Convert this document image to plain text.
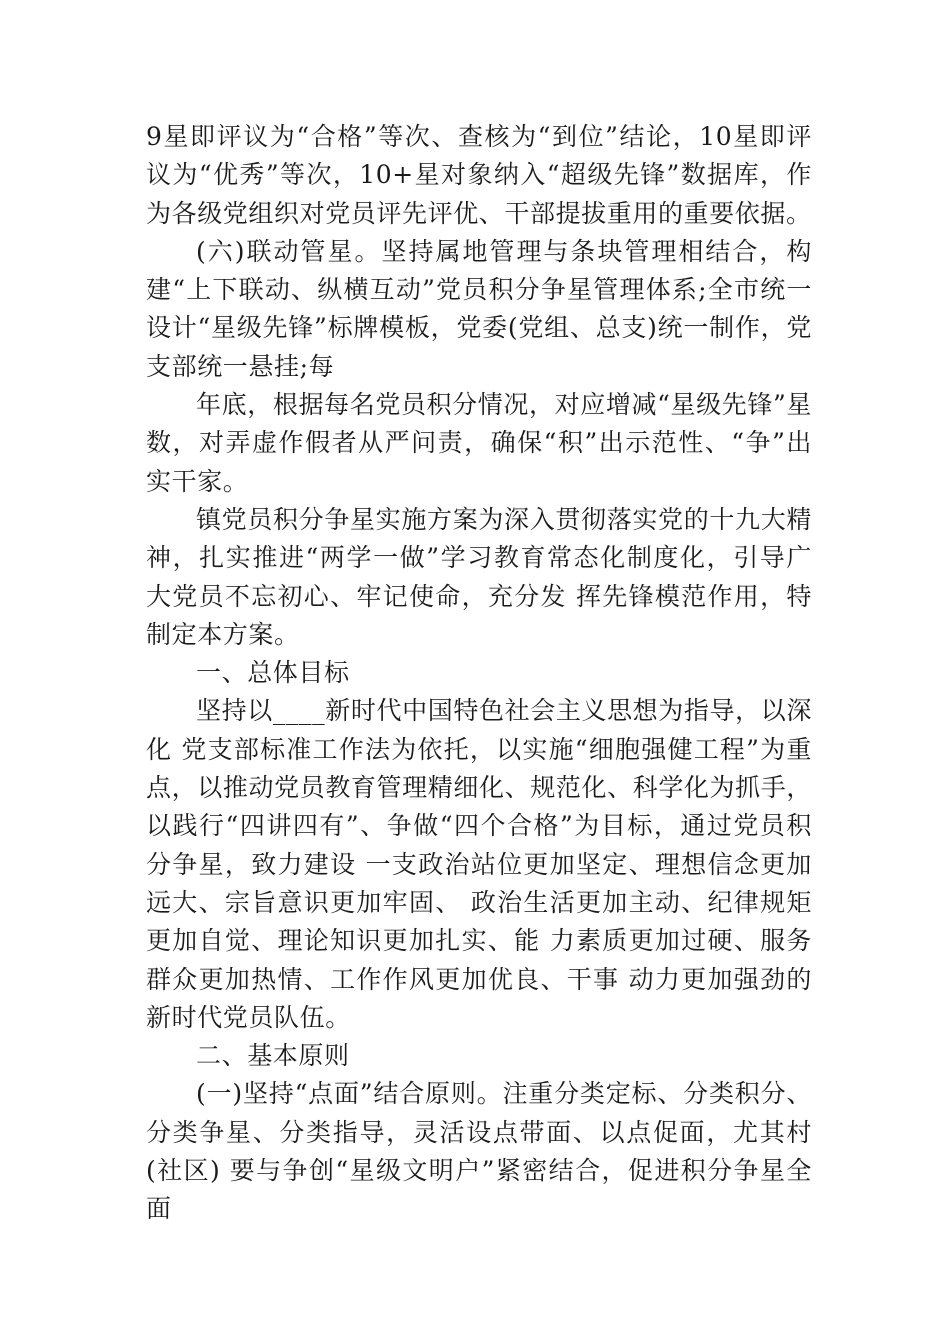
9星即评议为“合格”等次、查核为“到位”结论，10星即评议为“优秀”等次，10+星对象纳入“超级先锋”数据库，作为各级党组织对党员评先评优、干部提拔重用的重要依据。

(六)联动管星。坚持属地管理与条块管理相结合，构建“上下联动、纵横互动”党员积分争星管理体系;全市统一设计“星级先锋”标牌模板，党委(党组、总支)统一制作，党支部统一悬挂;每

年底，根据每名党员积分情况，对应增减“星级先锋”星数，对弄虚作假者从严问责，确保“积”出示范性、“争”出实干家。

镇党员积分争星实施方案为深入贯彻落实党的十九大精神，扎实推进“两学一做”学习教育常态化制度化，引导广大党员不忘初心、牢记使命，充分发 挥先锋模范作用，特制定本方案。

一、总体目标

坚持以____新时代中国特色社会主义思想为指导，以深化 党支部标准工作法为依托，以实施“细胞强健工程”为重点，以推动党员教育管理精细化、规范化、科学化为抓手，以践行“四讲四有”、争做“四个合格”为目标，通过党员积分争星，致力建设 一支政治站位更加坚定、理想信念更加远大、宗旨意识更加牢固、 政治生活更加主动、纪律规矩更加自觉、理论知识更加扎实、能 力素质更加过硬、服务群众更加热情、工作作风更加优良、干事 动力更加强劲的新时代党员队伍。

二、基本原则

(一)坚持“点面”结合原则。注重分类定标、分类积分、分类争星、分类指导，灵活设点带面、以点促面，尤其村(社区) 要与争创“星级文明户”紧密结合，促进积分争星全面
